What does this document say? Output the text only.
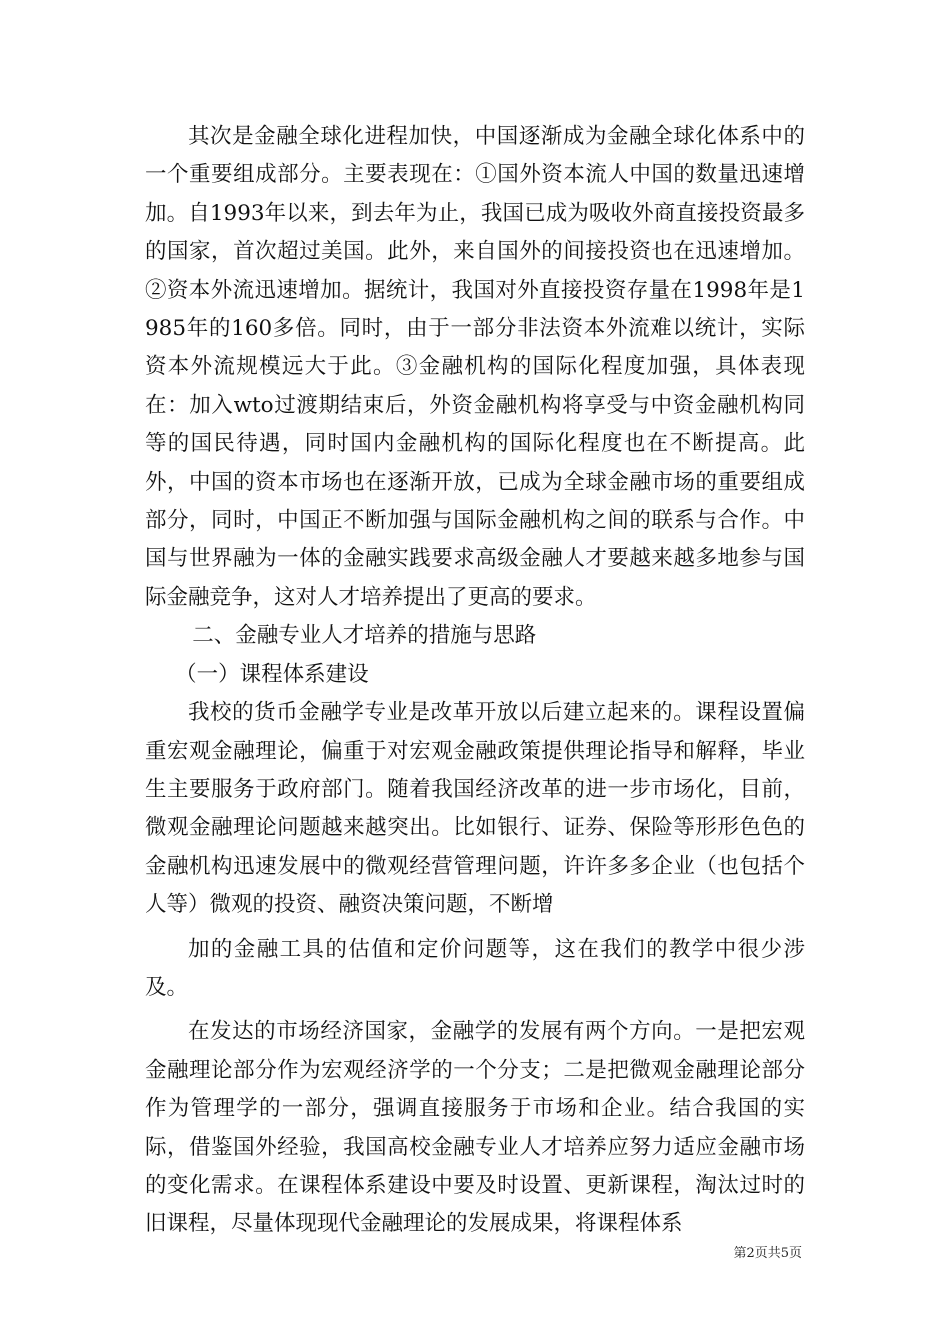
其次是金融全球化进程加快，中国逐渐成为金融全球化体系中的一个重要组成部分。主要表现在：①国外资本流人中国的数量迅速增加。自1993年以来，到去年为止，我国已成为吸收外商直接投资最多的国家，首次超过美国。此外，来自国外的间接投资也在迅速增加。②资本外流迅速增加。据统计，我国对外直接投资存量在1998年是1985年的160多倍。同时，由于一部分非法资本外流难以统计，实际资本外流规模远大于此。③金融机构的国际化程度加强，具体表现在：加入wto过渡期结束后，外资金融机构将享受与中资金融机构同等的国民待遇，同时国内金融机构的国际化程度也在不断提高。此外，中国的资本市场也在逐渐开放，已成为全球金融市场的重要组成部分，同时，中国正不断加强与国际金融机构之间的联系与合作。中国与世界融为一体的金融实践要求高级金融人才要越来越多地参与国际金融竞争，这对人才培养提出了更高的要求。

二、金融专业人才培养的措施与思路

（一）课程体系建设

我校的货币金融学专业是改革开放以后建立起来的。课程设置偏重宏观金融理论，偏重于对宏观金融政策提供理论指导和解释，毕业生主要服务于政府部门。随着我国经济改革的进一步市场化，目前，微观金融理论问题越来越突出。比如银行、证券、保险等形形色色的金融机构迅速发展中的微观经营管理问题，许许多多企业（也包括个人等）微观的投资、融资决策问题，不断增

加的金融工具的估值和定价问题等，这在我们的教学中很少涉及。

在发达的市场经济国家，金融学的发展有两个方向。一是把宏观金融理论部分作为宏观经济学的一个分支；二是把微观金融理论部分作为管理学的一部分，强调直接服务于市场和企业。结合我国的实际，借鉴国外经验，我国高校金融专业人才培养应努力适应金融市场的变化需求。在课程体系建设中要及时设置、更新课程，淘汰过时的旧课程，尽量体现现代金融理论的发展成果，将课程体系

第2页共5页
